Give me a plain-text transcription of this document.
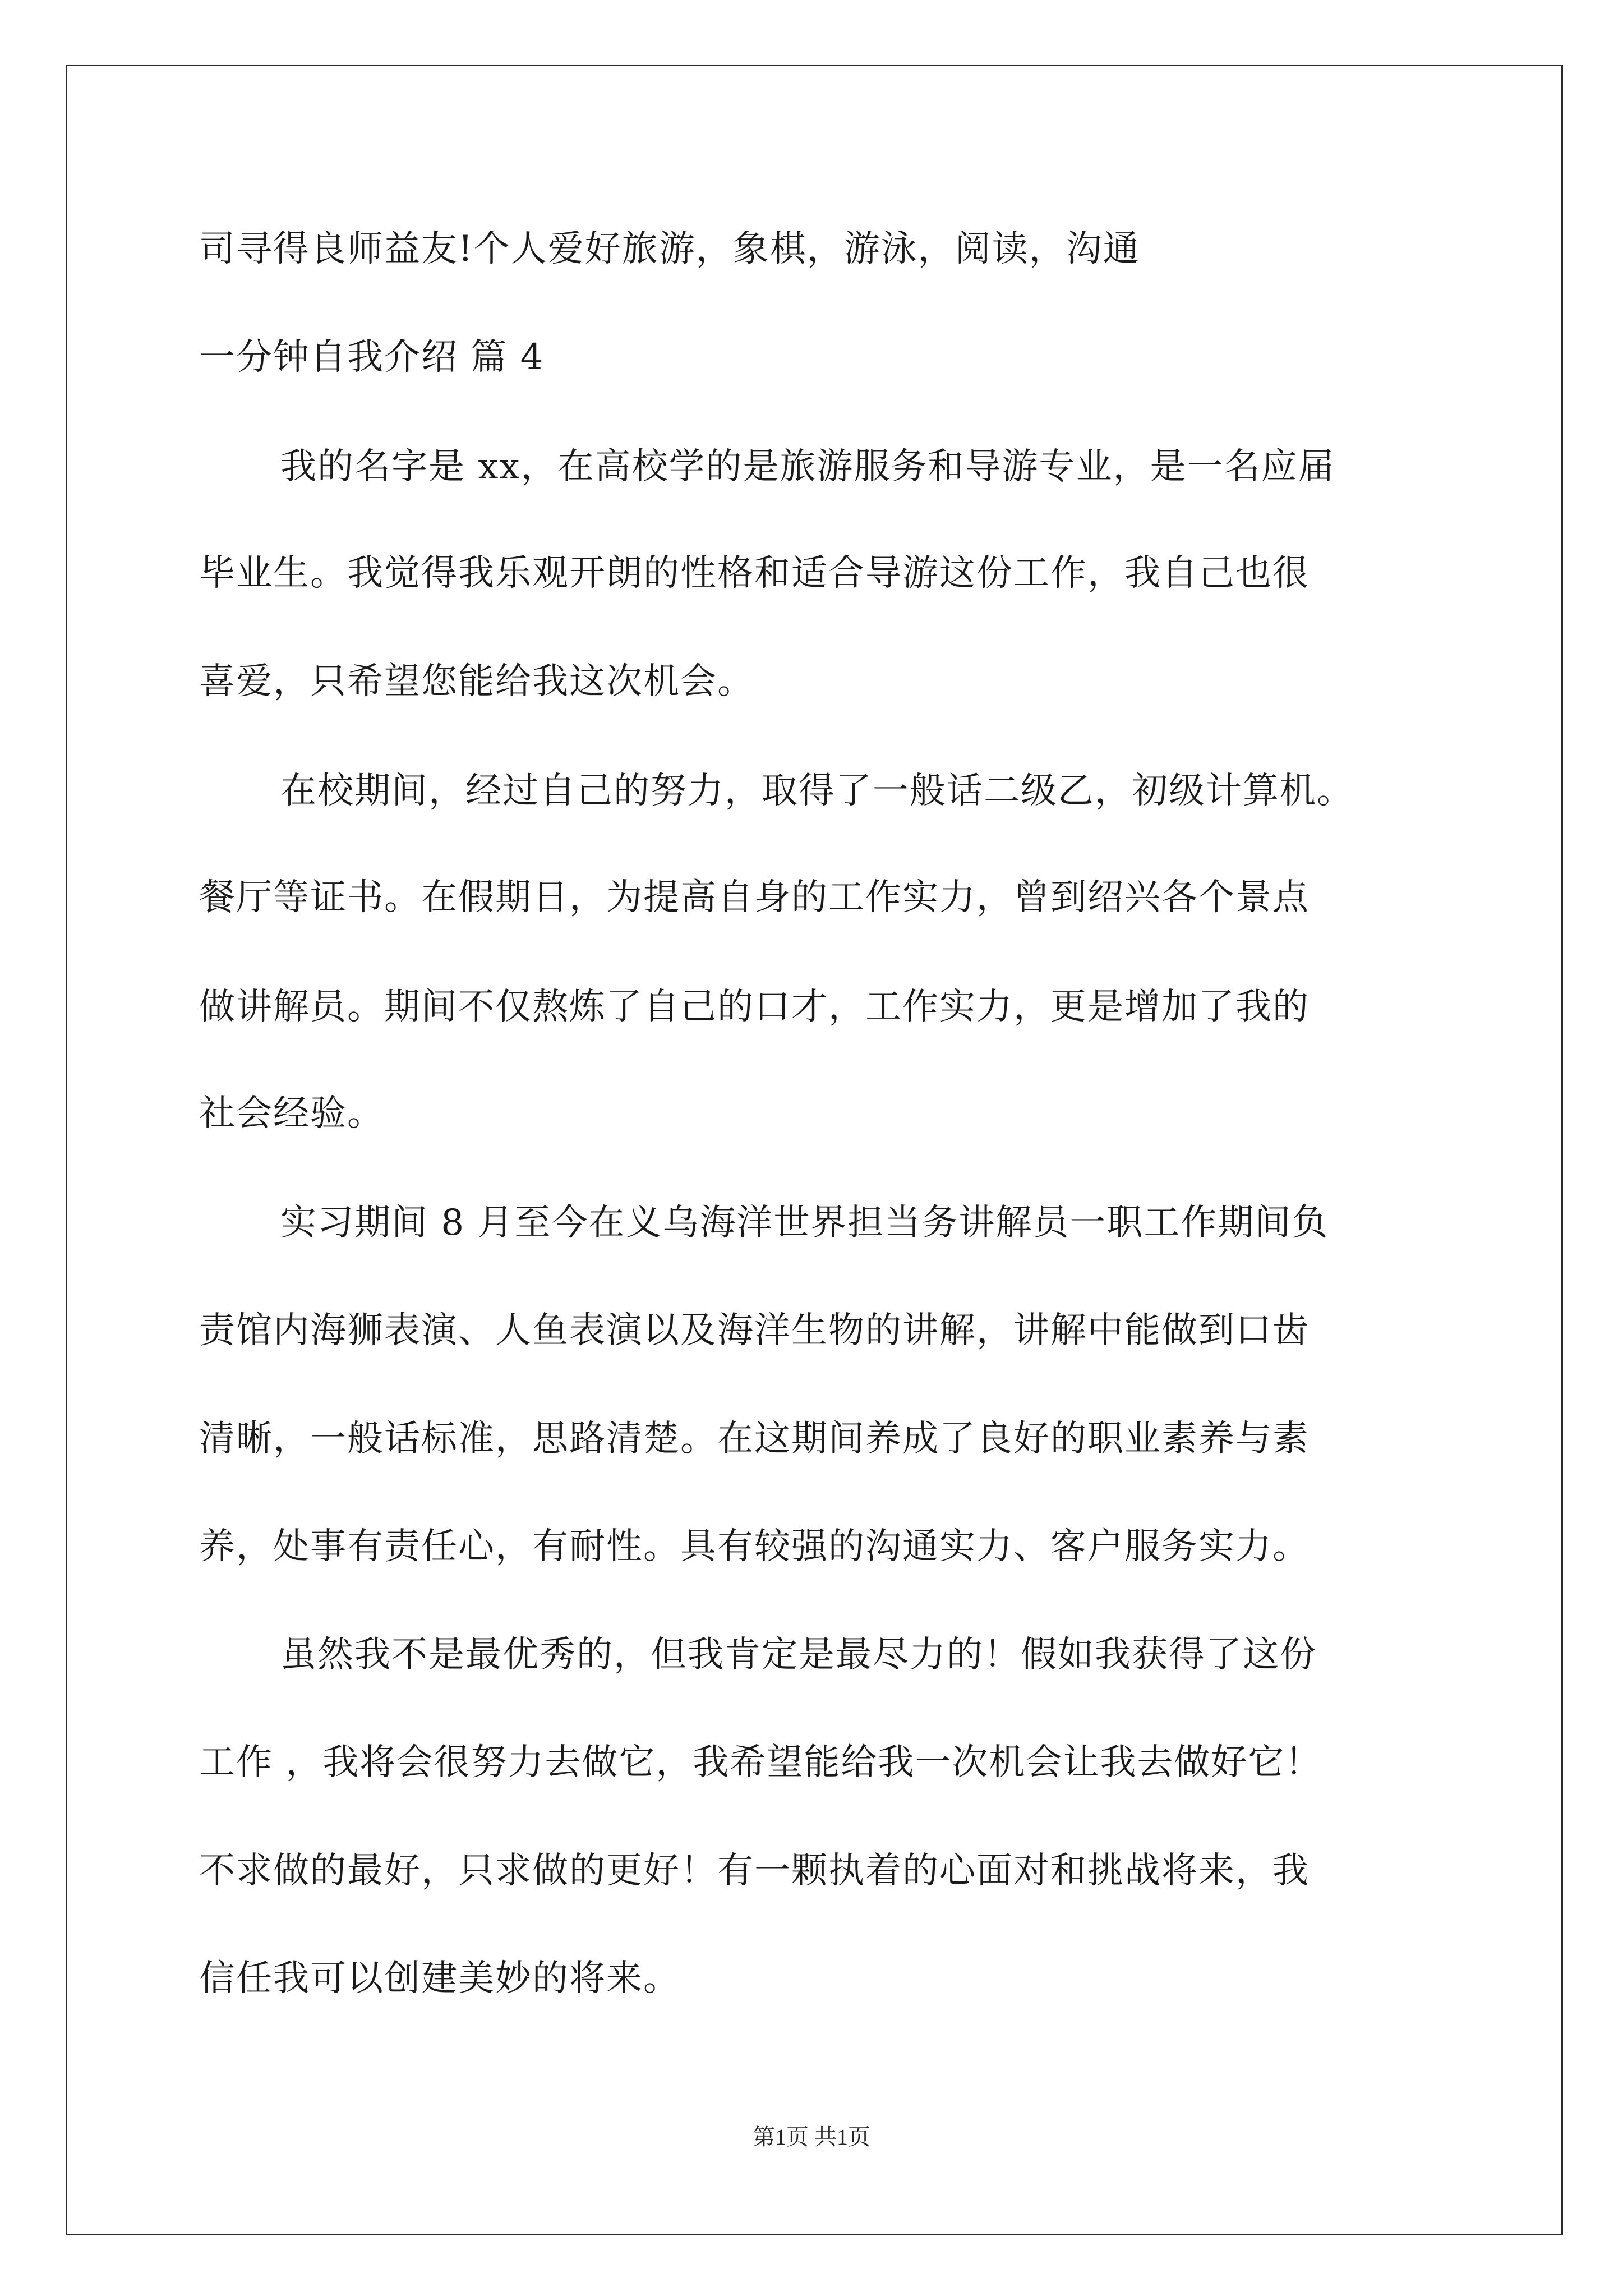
司寻得良师益友!个人爱好旅游，象棋，游泳，阅读，沟通
一分钟自我介绍 篇 4
我的名字是 xx，在高校学的是旅游服务和导游专业，是一名应届
毕业生。我觉得我乐观开朗的性格和适合导游这份工作，我自己也很
喜爱，只希望您能给我这次机会。
在校期间，经过自己的努力，取得了一般话二级乙，初级计算机。
餐厅等证书。在假期日，为提高自身的工作实力，曾到绍兴各个景点
做讲解员。期间不仅熬炼了自己的口才，工作实力，更是增加了我的
社会经验。
实习期间 8 月至今在义乌海洋世界担当务讲解员一职工作期间负
责馆内海狮表演、人鱼表演以及海洋生物的讲解，讲解中能做到口齿
清晰，一般话标准，思路清楚。在这期间养成了良好的职业素养与素
养，处事有责任心，有耐性。具有较强的沟通实力、客户服务实力。
虽然我不是最优秀的，但我肯定是最尽力的！假如我获得了这份
工作 ，我将会很努力去做它，我希望能给我一次机会让我去做好它！
不求做的最好，只求做的更好！有一颗执着的心面对和挑战将来，我
信任我可以创建美妙的将来。
第1页 共1页
